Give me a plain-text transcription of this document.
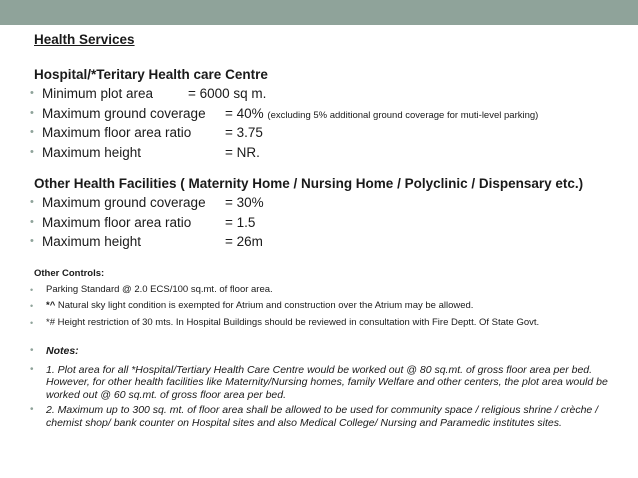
Health Services
Hospital/*Teritary Health care Centre
• Minimum plot area	= 6000 sq m.
• Maximum ground coverage = 40% (excluding 5% additional ground coverage for muti-level parking)
• Maximum floor area ratio = 3.75
• Maximum height	= NR.
Other Health Facilities ( Maternity Home / Nursing Home / Polyclinic / Dispensary etc.)
• Maximum ground coverage = 30%
• Maximum floor area ratio = 1.5
• Maximum height	= 26m
Other Controls:
• Parking Standard @ 2.0 ECS/100 sq.mt. of floor area.
• *^ Natural sky light condition is exempted for Atrium and construction over the Atrium may be allowed.
• *# Height restriction of 30 mts. In Hospital Buildings should be reviewed in consultation with Fire Deptt. Of State Govt.
•	Notes:
•	1. Plot area for all *Hospital/Tertiary Health Care Centre would be worked out @ 80 sq.mt. of gross floor area per bed. However, for other health facilities like Maternity/Nursing homes, family Welfare and other centers, the plot area would be worked out @ 60 sq.mt. of gross floor area per bed.
•	2. Maximum up to 300 sq. mt. of floor area shall be allowed to be used for community space / religious shrine / crèche / chemist shop/ bank counter on Hospital sites and also Medical College/ Nursing and Paramedic institutes sites.
